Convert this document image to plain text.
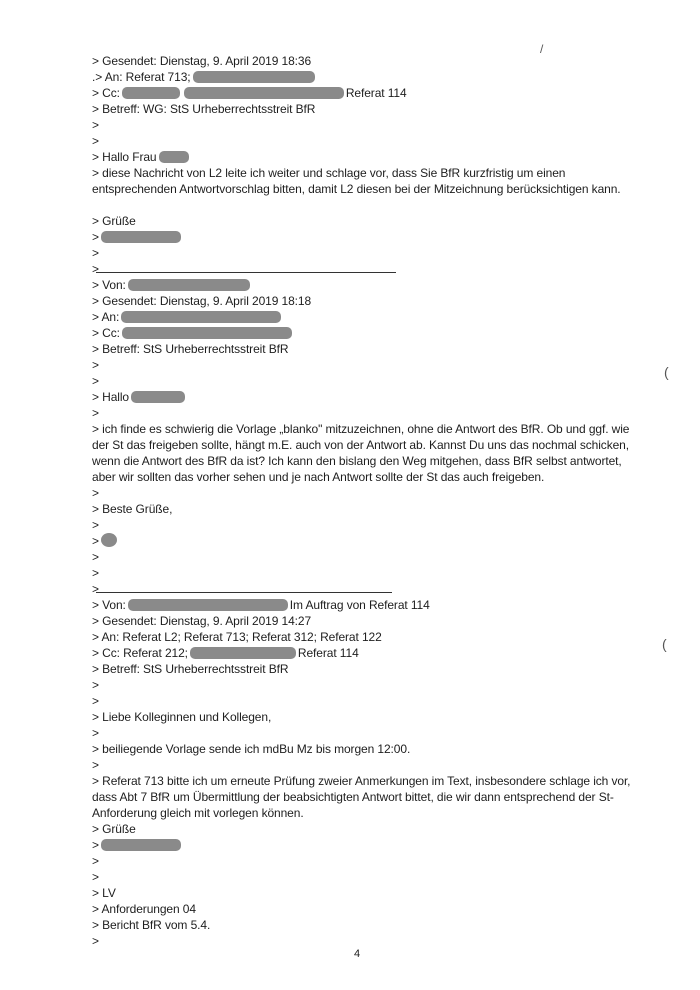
> Gesendet: Dienstag, 9. April 2019 18:36
.> An: Referat 713;
> Cc:	Referat 114
> Betreff: WG: StS Urheberrechtsstreit BfR
>
>
> Hallo Frau
> diese Nachricht von L2 leite ich weiter und schlage vor, dass Sie BfR kurzfristig um einen entsprechenden Antwortvorschlag bitten, damit L2 diesen bei der Mitzeichnung berücksichtigen kann.
> Grüße
>
>
>
> Von:
> Gesendet: Dienstag, 9. April 2019 18:18
> An:
> Cc:
> Betreff: StS Urheberrechtsstreit BfR
>
>
> Hallo
>
> ich finde es schwierig die Vorlage „blanko" mitzuzeichnen, ohne die Antwort des BfR. Ob und ggf. wie der St das freigeben sollte, hängt m.E. auch von der Antwort ab. Kannst Du uns das nochmal schicken, wenn die Antwort des BfR da ist? Ich kann den bislang den Weg mitgehen, dass BfR selbst antwortet, aber wir sollten das vorher sehen und je nach Antwort sollte der St das auch freigeben.
>
> Beste Grüße,
>
>
>
>
>
> Von:	Im Auftrag von Referat 114
> Gesendet: Dienstag, 9. April 2019 14:27
> An: Referat L2; Referat 713; Referat 312; Referat 122
> Cc: Referat 212;	Referat 114
> Betreff: StS Urheberrechtsstreit BfR
>
>
> Liebe Kolleginnen und Kollegen,
>
> beiliegende Vorlage sende ich mdBu Mz bis morgen 12:00.
>
> Referat 713 bitte ich um erneute Prüfung zweier Anmerkungen im Text, insbesondere schlage ich vor, dass Abt 7 BfR um Übermittlung der beabsichtigten Antwort bittet, die wir dann entsprechend der St-Anforderung gleich mit vorlegen können.
> Grüße
>
>
>
> LV
> Anforderungen 04
> Bericht BfR vom 5.4.
>
4
/
(
(
